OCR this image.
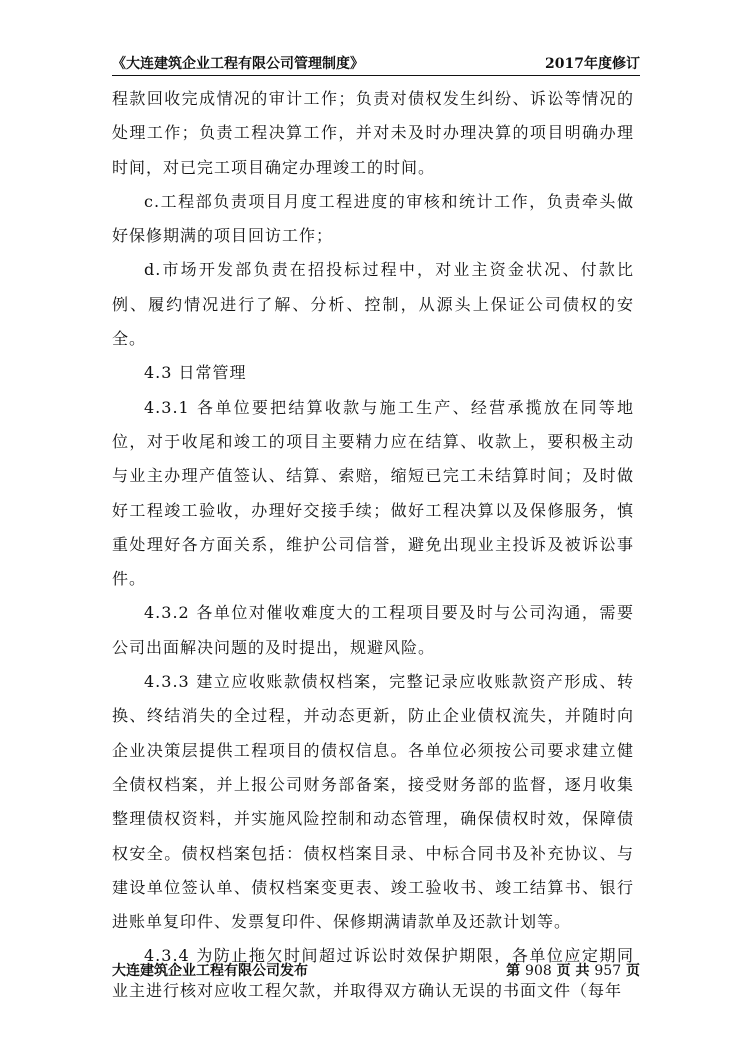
《大连建筑企业工程有限公司管理制度》	2017年度修订

程款回收完成情况的审计工作；负责对债权发生纠纷、诉讼等情况的处理工作；负责工程决算工作，并对未及时办理决算的项目明确办理时间，对已完工项目确定办理竣工的时间。

c.工程部负责项目月度工程进度的审核和统计工作，负责牵头做好保修期满的项目回访工作；

d.市场开发部负责在招投标过程中，对业主资金状况、付款比例、履约情况进行了解、分析、控制，从源头上保证公司债权的安全。

4.3 日常管理

4.3.1 各单位要把结算收款与施工生产、经营承揽放在同等地位，对于收尾和竣工的项目主要精力应在结算、收款上，要积极主动与业主办理产值签认、结算、索赔，缩短已完工未结算时间；及时做好工程竣工验收，办理好交接手续；做好工程决算以及保修服务，慎重处理好各方面关系，维护公司信誉，避免出现业主投诉及被诉讼事件。

4.3.2 各单位对催收难度大的工程项目要及时与公司沟通，需要公司出面解决问题的及时提出，规避风险。

4.3.3 建立应收账款债权档案，完整记录应收账款资产形成、转换、终结消失的全过程，并动态更新，防止企业债权流失，并随时向企业决策层提供工程项目的债权信息。各单位必须按公司要求建立健全债权档案，并上报公司财务部备案，接受财务部的监督，逐月收集整理债权资料，并实施风险控制和动态管理，确保债权时效，保障债权安全。债权档案包括：债权档案目录、中标合同书及补充协议、与建设单位签认单、债权档案变更表、竣工验收书、竣工结算书、银行进账单复印件、发票复印件、保修期满请款单及还款计划等。

4.3.4 为防止拖欠时间超过诉讼时效保护期限，各单位应定期同业主进行核对应收工程欠款，并取得双方确认无误的书面文件（每年

大连建筑企业工程有限公司发布	第 908 页 共 957 页
